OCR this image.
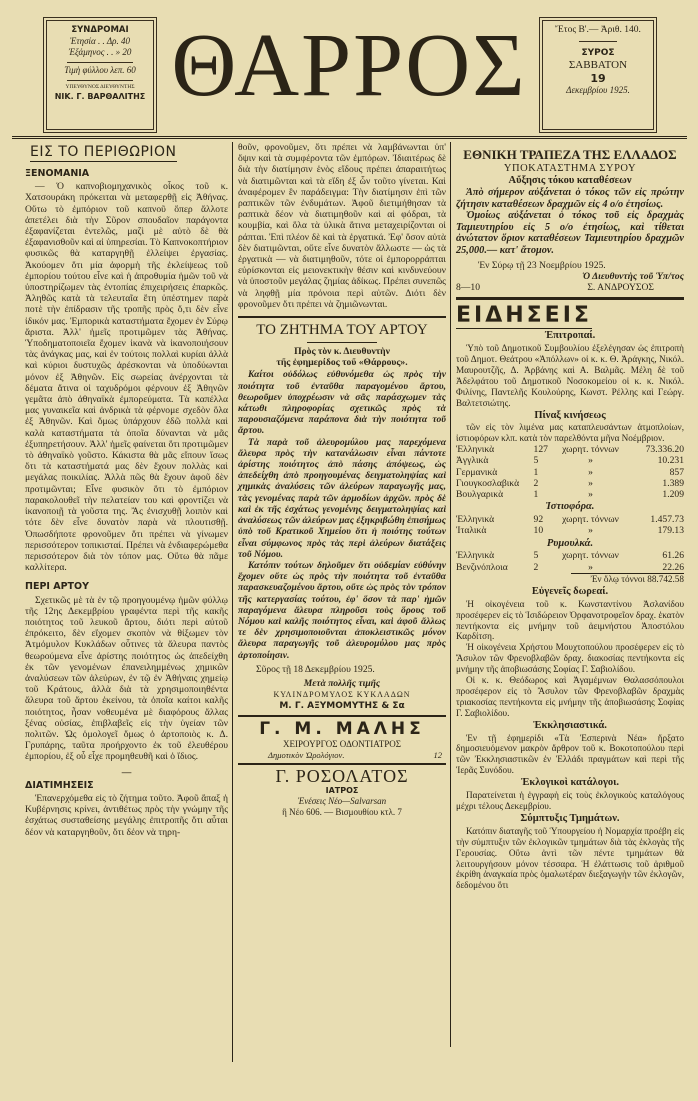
ΣΥΝΔΡΟΜΑΙ
Ἐτησία . . Δρ. 40
Ἐξάμηνος . . » 20
Τιμὴ φύλλου λεπ. 60
ΥΠΕΥΘΥΝΟΣ ΔΙΕΥΘΥΝΤΗΣ
ΝΙΚ. Γ. ΒΑΡΘΑΛΙΤΗΣ ΘΑΡΡΟΣ	Ἔτος Β'.— Ἀριθ. 140.
ΣΥΡΟΣ
ΣΑΒΒΑΤΟΝ
19
Δεκεμβρίου 1925.
ΕΙΣ ΤΟ ΠΕΡΙΘΩΡΙΟΝ
ΞΕΝΟΜΑΝΙΑ

— Ὁ καπνοβιομηχανικὸς οἶκος τοῦ κ. Χατσουράκη πρόκειται νὰ μεταφερθῇ εἰς Ἀθήνας. Οὕτω τὸ ἐμπόριον τοῦ καπνοῦ ὅπερ ἄλλοτε ἀπετέλει διὰ τὴν Σῦρον σπουδαῖον παράγοντα ἐξαφανίζεται ἐντελῶς, μαζὶ μὲ αὐτὸ δὲ θὰ ἐξαφανισθοῦν καὶ αἱ ὑπηρεσίαι. Τὸ Καπνοκοπτήριον φυσικῶς θὰ καταργηθῇ ἐλλείψει ἐργασίας. Ἀκούομεν ὅτι μία ἀφορμὴ τῆς ἐκλείψεως τοῦ ἐμπορίου τούτου εἶνε καὶ ἡ ἀπροθυμία ἡμῶν τοῦ νὰ ὑποστηρίζωμεν τὰς ἐντοπίας ἐπιχειρήσεις ἐπαρκῶς. Ἀληθῶς κατὰ τὰ τελευταῖα ἔτη ὑπέστημεν παρὰ ποτὲ τὴν ἐπίδρασιν τῆς τροπῆς πρὸς ὅ,τι δὲν εἶνε ἰδικόν μας. Ἐμπορικὰ καταστήματα ἔχομεν ἐν Σύρῳ ἄριστα. Ἀλλ' ἡμεῖς προτιμῶμεν τὰς Ἀθήνας. Ὑποδηματοποιεῖα ἔχομεν ἱκανὰ νὰ ἱκανοποιήσουν τὰς ἀνάγκας μας, καὶ ἐν τούτοις πολλαὶ κυρίαι ἀλλὰ καὶ κύριοι δυστυχῶς ἀρέσκονται νὰ ὑποδύωνται μόνον ἐξ Ἀθηνῶν. Εἰς σωρείας ἀνέρχονται τὰ δέματα ἅτινα οἱ ταχυδρόμοι φέρνουν ἐξ Ἀθηνῶν γεμᾶτα ἀπὸ ἀθηναϊκὰ ἐμπορεύματα. Τὰ καπέλλα μας γυναικεῖα καὶ ἀνδρικὰ τὰ φέρνομε σχεδὸν ὅλα ἐξ Ἀθηνῶν. Καὶ ὅμως ὑπάρχουν ἐδῶ πολλὰ καὶ καλὰ καταστήματα τὰ ὁποῖα δύνανται νὰ μᾶς ἐξυπηρετήσουν. Ἀλλ' ἡμεῖς φαίνεται ὅτι προτιμῶμεν τὸ ἀθηναϊκὸ γοῦστο. Κάκιστα θὰ μᾶς εἴπουν ἴσως ὅτι τὰ καταστήματά μας δὲν ἔχουν πολλὰς καὶ μεγάλας ποικιλίας. Ἀλλὰ πῶς θὰ ἔχουν ἀφοῦ δὲν προτιμῶνται; Εἶνε φυσικὸν ὅτι τὸ ἐμπόριον παρακολουθεῖ τὴν πελατείαν του καὶ φροντίζει νὰ ἱκανοποιῇ τὰ γοῦστα της. Ἂς ἐνισχυθῇ λοιπὸν καὶ τότε δὲν εἶνε δυνατὸν παρὰ νὰ πλουτισθῇ. Ὁπωσδήποτε φρονοῦμεν ὅτι πρέπει νὰ γίνωμεν περισσότερον τοπικισταί. Πρέπει νὰ ἐνδιαφερώμεθα περισσότερον διὰ τὸν τόπον μας. Οὕτω θὰ πᾶμε καλλίτερα.

ΠΕΡΙ ΑΡΤΟΥ

Σχετικῶς μὲ τὰ ἐν τῷ προηγουμένῳ ἡμῶν φύλλῳ τῆς 12ης Δεκεμβρίου γραφέντα περὶ τῆς κακῆς ποιότητος τοῦ λευκοῦ ἄρτου, διότι περὶ αὐτοῦ ἐπρόκειτο, δὲν εἴχομεν σκοπὸν νὰ θίξωμεν τὸν Ἀτμόμυλον Κυκλάδων οὗτινες τὰ ἄλευρα παντὸς θεωρούμενα εἶνε ἀρίστης ποιότητος ὡς ἀπεδείχθη ἐκ τῶν γενομένων ἐπανειλημμένως χημικῶν ἀναλύσεων τῶν ἀλεύρων, ἐν τῷ ἐν Ἀθήναις χημείῳ τοῦ Κράτους, ἀλλὰ διὰ τὰ χρησιμοποιηθέντα ἄλευρα τοῦ ἄρτου ἐκείνου, τὰ ὁποῖα καίτοι καλῆς ποιότητος, ἦσαν νοθευμένα μὲ διαφόρους ἄλλας ξένας οὐσίας, ἐπιβλαβεῖς εἰς τὴν ὑγείαν τῶν πολιτῶν. Ὡς ὁμολογεῖ ὅμως ὁ ἀρτοποιὸς κ. Δ. Γρυπάρης, ταῦτα προήρχοντο ἐκ τοῦ ἐλευθέρου ἐμπορίου, ἐξ οὗ εἶχε προμηθευθῆ καὶ ὁ ἴδιος.

—
ΔΙΑΤΙΜΗΣΕΙΣ

Ἐπανερχόμεθα εἰς τὸ ζήτημα τοῦτο. Ἀφοῦ ἅπαξ ἡ Κυβέρνησις κρίνει, ἀντιθέτως πρὸς τὴν γνώμην τῆς ἐσχάτως συσταθείσης μεγάλης ἐπιτροπῆς ὅτι αὗται δέον νὰ καταργηθοῦν, ὅτι δέον νὰ τηρη-

θοῦν, φρονοῦμεν, ὅτι πρέπει νὰ λαμβάνωνται ὑπ' ὄψιν καὶ τὰ συμφέροντα τῶν ἐμπόρων. Ἰδιαιτέρως δὲ διὰ τὴν διατίμησιν ἑνὸς εἴδους πρέπει ἀπαραιτήτως νὰ διατιμῶνται καὶ τὰ εἴδη ἐξ ὧν τοῦτο γίνεται. Καὶ ἀναφέρομεν ἓν παράδειγμα: Τὴν διατίμησιν ἐπὶ τῶν ραπτικῶν τῶν ἐνδυμάτων. Ἀφοῦ διετιμήθησαν τὰ ραπτικὰ δέον νὰ διατιμηθοῦν καὶ αἱ φόδραι, τὰ κουμβία, καὶ ὅλα τὰ ὑλικὰ ἅτινα μεταχειρίζονται οἱ ράπται. Ἐπὶ πλέον δὲ καὶ τὰ ἐργατικά. Ἐφ' ὅσον αὐτὰ δὲν διατιμῶνται, οὔτε εἶνε δυνατὸν ἄλλωστε — ὡς τὰ ἐργατικὰ — νὰ διατιμηθοῦν, τότε οἱ ἐμπορορράπται εὑρίσκονται εἰς μειονεκτικὴν θέσιν καὶ κινδυνεύουν νὰ ὑποστοῦν μεγάλας ζημίας ἀδίκως. Πρέπει συνεπῶς νὰ ληφθῇ μία πρόνοια περὶ αὐτῶν. Διότι δὲν φρονοῦμεν ὅτι πρέπει νὰ ζημιῶνωνται.

ΤΟ ΖΗΤΗΜΑ ΤΟΥ ΑΡΤΟΥ
Πρὸς τὸν κ. Διευθυντὴν
τῆς ἐφημερίδος τοῦ «Θάρρους».

Καίτοι οὐδόλως εὐθυνόμεθα ὡς πρὸς τὴν ποιότητα τοῦ ἐνταῦθα παραγομένου ἄρτου, θεωροῦμεν ὑποχρέωσιν νὰ σᾶς παράσχωμεν τὰς κάτωθι πληροφορίας σχετικῶς πρὸς τὰ παρουσιαζόμενα παράπονα διὰ τὴν ποιότητα τοῦ ἄρτου.

Τὰ παρὰ τοῦ ἀλευρομύλου μας παρεχόμενα ἄλευρα πρὸς τὴν κατανάλωσιν εἶναι πάντοτε ἀρίστης ποιότητος ἀπὸ πάσης ἀπόψεως, ὡς ἀπεδείχθη ἀπὸ προηγουμένας δειγματοληψίας καὶ χημικὰς ἀναλύσεις τῶν ἀλεύρων παραγωγῆς μας, τὰς γενομένας παρὰ τῶν ἁρμοδίων ἀρχῶν. πρὸς δὲ καὶ ἐκ τῆς ἐσχάτως γενομένης δειγματοληψίας καὶ ἀναλύσεως τῶν ἀλεύρων μας ἐξηκριβώθη ἐπισήμως ὑπὸ τοῦ Κρατικοῦ Χημείου ὅτι ἡ ποιότης τούτων εἶναι σύμφωνος πρὸς τὰς περὶ ἀλεύρων διατάξεις τοῦ Νόμου.

Κατόπιν τούτων δηλοῦμεν ὅτι οὐδεμίαν εὐθύνην ἔχομεν οὔτε ὡς πρὸς τὴν ποιότητα τοῦ ἐνταῦθα παρασκευαζομένου ἄρτου, οὔτε ὡς πρὸς τὸν τρόπον τῆς κατεργασίας τούτου, ἐφ' ὅσον τὰ παρ' ἡμῶν παραγόμενα ἄλευρα πληροῦσι τοὺς ὅρους τοῦ Νόμου καὶ καλῆς ποιότητος εἶναι, καὶ ἀφοῦ ἄλλως τε δὲν χρησιμοποιοῦνται ἀποκλειστικῶς μόνον ἄλευρα παραγωγῆς τοῦ ἀλευρομύλου μας πρὸς ἀρτοποίησιν.

Σῦρος τῇ 18 Δεκεμβρίου 1925.
Μετὰ πολλῆς τιμῆς
ΚΥΛΙΝΔΡΟΜΥΛΟΣ ΚΥΚΛΑΔΩΝ
Μ. Γ. ΑΞΥΜΟΜΥΤΗΣ & Σα
Γ. Μ. ΜΑΛΗΣ
ΧΕΙΡΟΥΡΓΟΣ ΟΔΟΝΤΙΑΤΡΟΣ
Δημοτικὸν Ὡρολόγιον.	12
Γ. ΡΟΣΟΛΑΤΟΣ
ΙΑΤΡΟΣ
Ἐνέσεις Νέο—Salvarsan
ἢ Νέο 606. — Βισμουθίου κτλ. 7
ΕΘΝΙΚΗ ΤΡΑΠΕΖΑ ΤΗΣ ΕΛΛΑΔΟΣ
ΥΠΟΚΑΤΑΣΤΗΜΑ ΣΥΡΟΥ
Αὔξησις τόκου καταθέσεων

Ἀπὸ σήμερον αὐξάνεται ὁ τόκος τῶν εἰς πρώτην ζήτησιν καταθέσεων δραχμῶν εἰς 4 ο/ο ἐτησίως.

Ὁμοίως αὐξάνεται ὁ τόκος τοῦ εἰς δραχμὰς Ταμιευτηρίου εἰς 5 ο/ο ἐτησίως, καὶ τίθεται ἀνώτατον ὅριον καταθέσεων Ταμιευτηρίου δραχμῶν 25,000.— κατ' ἄτομον.

Ἐν Σύρῳ τῇ 23 Νοεμβρίου 1925.
Ὁ Διευθυντὴς τοῦ Ὑπ/τος
8—10	Σ. ΑΝΔΡΟΥΣΟΣ
ΕΙΔΗΣΕΙΣ
Ἐπιτροπαί.

Ὑπὸ τοῦ Δημοτικοῦ Συμβουλίου ἐξελέγησαν ὡς ἐπιτροπὴ τοῦ Δημοτ. Θεάτρου «Ἀπόλλων» οἱ κ. κ. Θ. Ἀράγκης, Νικόλ. Μαυρουτζῆς, Δ. Ἀρβάνης καὶ Α. Βαλμᾶς. Μέλη δὲ τοῦ Ἀδελφάτου τοῦ Δημοτικοῦ Νοσοκομείου οἱ κ. κ. Νικόλ. Φιλίνης, Παντελῆς Κουλούρης, Κωνστ. Ρέλλης καὶ Γεώργ. Βαλτετσιώτης.

Πίναξ κινήσεως

τῶν εἰς τὸν λιμένα μας καταπλευσάντων ἀτμοπλοίων, ἱστιοφόρων κλπ. κατὰ τὸν παρελθόντα μῆνα Νοέμβριον.

Ἑλληνικὰ	127	χωρητ. τόννων	73.336.20
Ἀγγλικὰ	5	»	10.231
Γερμανικὰ	1	»	857
Γιουγκοσλαβικὰ	2	»	1.389
Βουλγαρικὰ	1	»	1.209
Ἱστιοφόρα.
Ἑλληνικὰ	92	χωρητ. τόννων	1.457.73
Ἰταλικὰ	10	»	179.13
Ρυμουλκά.
Ἑλληνικὰ	5	χωρητ. τόννων	61.26
Βενζινόπλοια	2	»	22.26
Ἐν ὅλῳ τόννοι 88.742.58
Εὐγενεῖς δωρεαί.

Ἡ οἰκογένεια τοῦ κ. Κωνσταντίνου Ἀσλανίδου προσέφερεν εἰς τὸ Ἱσιδώρειον Ὀρφανοτροφεῖον δραχ. ἑκατὸν πεντήκοντα εἰς μνήμην τοῦ ἀειμνήστου Ἀποστόλου Καρδίτση.

Ἡ οἰκογένεια Χρήστου Μουχτοπούλου προσέφερεν εἰς τὸ Ἄσυλον τῶν Φρενοβλαβῶν δραχ. διακοσίας πεντήκοντα εἰς μνήμην τῆς ἀποβιωσάσης Σοφίας Γ. Σαβιολίδου.

Οἱ κ. κ. Θεόδωρος καὶ Ἀγαμέμνων Θαλασσόπουλοι προσέφερον εἰς τὸ Ἄσυλον τῶν Φρενοβλαβῶν δραχμὰς τριακοσίας πεντήκοντα εἰς μνήμην τῆς ἀποβιωσάσης Σοφίας Γ. Σαβιολίδου.

Ἐκκλησιαστικά.

Ἐν τῇ ἐφημερίδι «Τὰ Ἑσπερινὰ Νέα» ἤρξατο δημοσιευόμενον μακρὸν ἄρθρον τοῦ κ. Βοκοτοπούλου περὶ τῶν Ἐκκλησιαστικῶν ἐν Ἑλλάδι πραγμάτων καὶ περὶ τῆς Ἱερᾶς Συνόδου.

Ἐκλογικοὶ κατάλογοι.

Παρατείνεται ἡ ἐγγραφὴ εἰς τοὺς ἐκλογικοὺς καταλόγους μέχρι τέλους Δεκεμβρίου.

Σύμπτυξις Τμημάτων.

Κατόπιν διαταγῆς τοῦ Ὑπουργείου ἡ Νομαρχία προέβη εἰς τὴν σύμπτυξιν τῶν ἐκλογικῶν τμημάτων διὰ τὰς ἐκλογὰς τῆς Γερουσίας. Οὕτω ἀντὶ τῶν πέντε τμημάτων θὰ λειτουργήσουν μόνον τέσσαρα. Ἡ ἐλάττωσις τοῦ ἀριθμοῦ ἐκρίθη ἀναγκαία πρὸς ὁμαλωτέραν διεξαγωγὴν τῶν ἐκλογῶν, δεδομένου ὅτι
